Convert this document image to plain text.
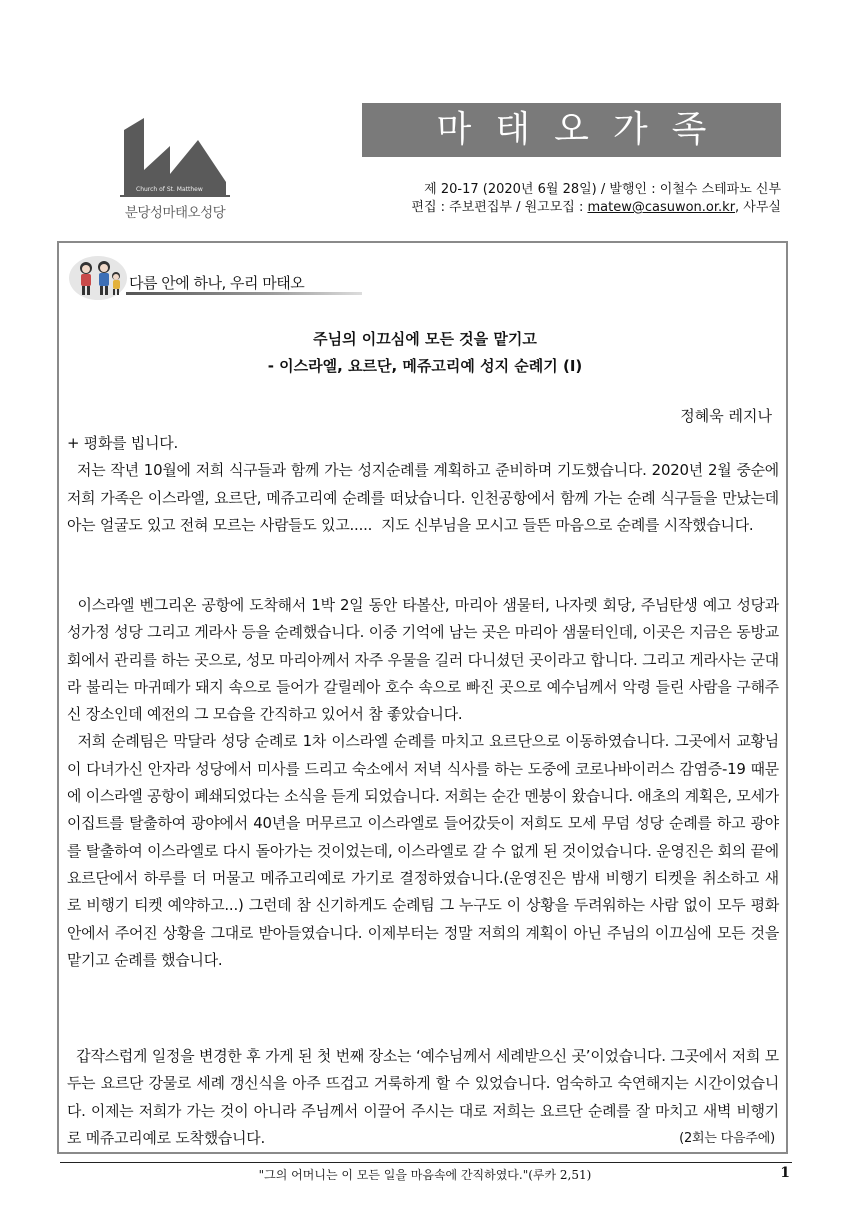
Church of St. Matthew
분당성마태오성당
마태오가족
제 20-17 (2020년 6월 28일) / 발행인 : 이철수 스테파노 신부
편집 : 주보편집부 / 원고모집 : matew@casuwon.or.kr, 사무실
다름 안에 하나, 우리 마태오
주님의 이끄심에 모든 것을 맡기고
- 이스라엘, 요르단, 메쥬고리예 성지 순례기 (I)
정혜욱 레지나

+ 평화를 빕니다.

저는 작년 10월에 저희 식구들과 함께 가는 성지순례를 계획하고 준비하며 기도했습니다. 2020년 2월 중순에 저희 가족은 이스라엘, 요르단, 메쥬고리예 순례를 떠났습니다. 인천공항에서 함께 가는 순례 식구들을 만났는데 아는 얼굴도 있고 전혀 모르는 사람들도 있고.....  지도 신부님을 모시고 들뜬 마음으로 순례를 시작했습니다.

이스라엘 벤그리온 공항에 도착해서 1박 2일 동안 타볼산, 마리아 샘물터, 나자렛 회당, 주님탄생 예고 성당과 성가정 성당 그리고 게라사 등을 순례했습니다. 이중 기억에 남는 곳은 마리아 샘물터인데, 이곳은 지금은 동방교회에서 관리를 하는 곳으로, 성모 마리아께서 자주 우물을 길러 다니셨던 곳이라고 합니다. 그리고 게라사는 군대라 불리는 마귀떼가 돼지 속으로 들어가 갈릴레아 호수 속으로 빠진 곳으로 예수님께서 악령 들린 사람을 구해주신 장소인데 예전의 그 모습을 간직하고 있어서 참 좋았습니다.

저희 순례팀은 막달라 성당 순례로 1차 이스라엘 순례를 마치고 요르단으로 이동하였습니다. 그곳에서 교황님이 다녀가신 안자라 성당에서 미사를 드리고 숙소에서 저녁 식사를 하는 도중에 코로나바이러스 감염증-19 때문에 이스라엘 공항이 폐쇄되었다는 소식을 듣게 되었습니다. 저희는 순간 멘붕이 왔습니다. 애초의 계획은, 모세가 이집트를 탈출하여 광야에서 40년을 머무르고 이스라엘로 들어갔듯이 저희도 모세 무덤 성당 순례를 하고 광야를 탈출하여 이스라엘로 다시 돌아가는 것이었는데, 이스라엘로 갈 수 없게 된 것이었습니다. 운영진은 회의 끝에 요르단에서 하루를 더 머물고 메쥬고리예로 가기로 결정하였습니다.(운영진은 밤새 비행기 티켓을 취소하고 새로 비행기 티켓 예약하고...) 그런데 참 신기하게도 순례팀 그 누구도 이 상황을 두려워하는 사람 없이 모두 평화 안에서 주어진 상황을 그대로 받아들였습니다. 이제부터는 정말 저희의 계획이 아닌 주님의 이끄심에 모든 것을 맡기고 순례를 했습니다.

갑작스럽게 일정을 변경한 후 가게 된 첫 번째 장소는 ‘예수님께서 세례받으신 곳’이었습니다. 그곳에서 저희 모두는 요르단 강물로 세례 갱신식을 아주 뜨겁고 거룩하게 할 수 있었습니다. 엄숙하고 숙연해지는 시간이었습니다. 이제는 저희가 가는 것이 아니라 주님께서 이끌어 주시는 대로 저희는 요르단 순례를 잘 마치고 새벽 비행기로 메쥬고리예로 도착했습니다.	(2회는 다음주에)

"그의 어머니는 이 모든 일을 마음속에 간직하였다."(루카 2,51)	1
